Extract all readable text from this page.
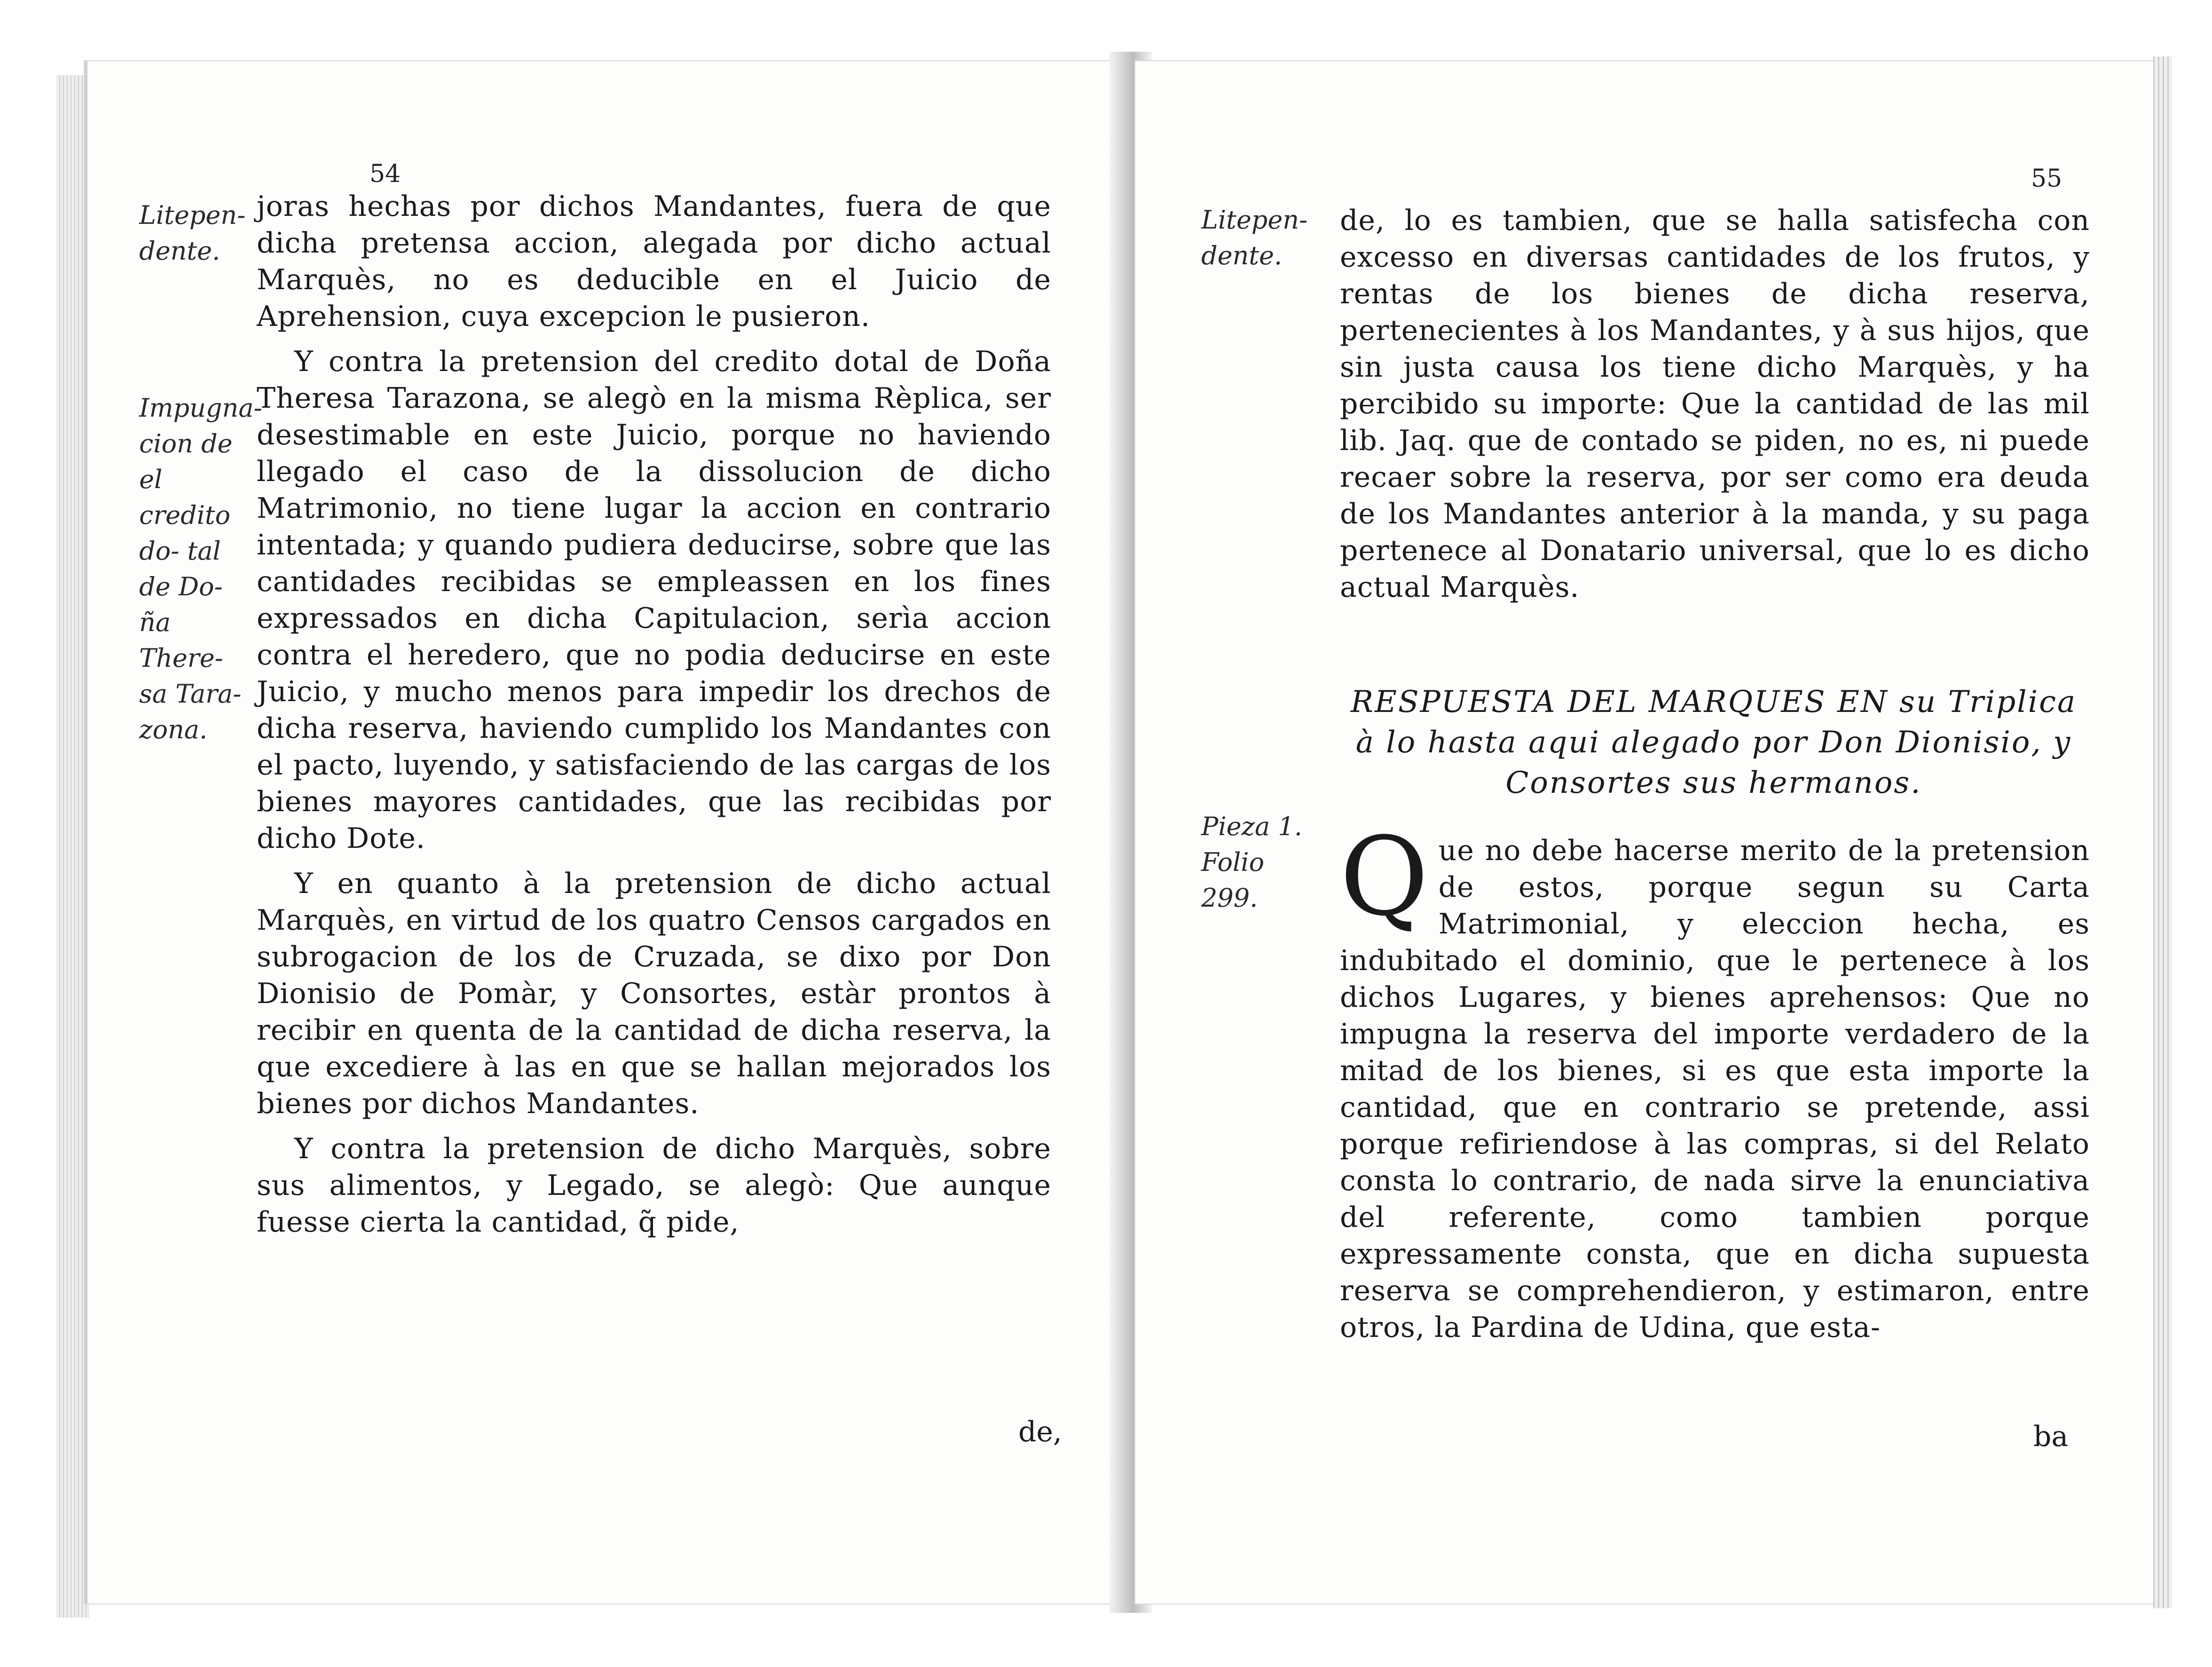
54
Litepen- dente.
Impugna- cion de el credito do- tal de Do- ña There- sa Tara- zona.

joras hechas por dichos Mandantes, fuera de que dicha pretensa accion, alegada por dicho actual Marquès, no es deducible en el Juicio de Aprehension, cuya excepcion le pusieron.

Y contra la pretension del credito dotal de Doña Theresa Tarazona, se alegò en la misma Rèplica, ser desestimable en este Juicio, porque no haviendo llegado el caso de la dissolucion de dicho Matrimonio, no tiene lugar la accion en contrario intentada; y quando pudiera deducirse, sobre que las cantidades recibidas se empleassen en los fines expressados en dicha Capitulacion, serìa accion contra el heredero, que no podia deducirse en este Juicio, y mucho menos para impedir los drechos de dicha reserva, haviendo cumplido los Mandantes con el pacto, luyendo, y satisfaciendo de las cargas de los bienes mayores cantidades, que las recibidas por dicho Dote.

Y en quanto à la pretension de dicho actual Marquès, en virtud de los quatro Censos cargados en subrogacion de los de Cruzada, se dixo por Don Dionisio de Pomàr, y Consortes, estàr prontos à recibir en quenta de la cantidad de dicha reserva, la que excediere à las en que se hallan mejorados los bienes por dichos Mandantes.

Y contra la pretension de dicho Marquès, sobre sus alimentos, y Legado, se alegò: Que aunque fuesse cierta la cantidad, q̃ pide,

de,
55
Litepen- dente.
Pieza 1. Folio 299.

de, lo es tambien, que se halla satisfecha con excesso en diversas cantidades de los frutos, y rentas de los bienes de dicha reserva, pertenecientes à los Mandantes, y à sus hijos, que sin justa causa los tiene dicho Marquès, y ha percibido su importe: Que la cantidad de las mil lib. Jaq. que de contado se piden, no es, ni puede recaer sobre la reserva, por ser como era deuda de los Mandantes anterior à la manda, y su paga pertenece al Donatario universal, que lo es dicho actual Marquès.

RESPUESTA DEL MARQUES EN su Triplica à lo hasta aqui alegado por Don Dionisio, y Consortes sus hermanos.

Que no debe hacerse merito de la pretension de estos, porque segun su Carta Matrimonial, y eleccion hecha, es indubitado el dominio, que le pertenece à los dichos Lugares, y bienes aprehensos: Que no impugna la reserva del importe verdadero de la mitad de los bienes, si es que esta importe la cantidad, que en contrario se pretende, assi porque refiriendose à las compras, si del Relato consta lo contrario, de nada sirve la enunciativa del referente, como tambien porque expressamente consta, que en dicha supuesta reserva se comprehendieron, y estimaron, entre otros, la Pardina de Udina, que esta-

ba
